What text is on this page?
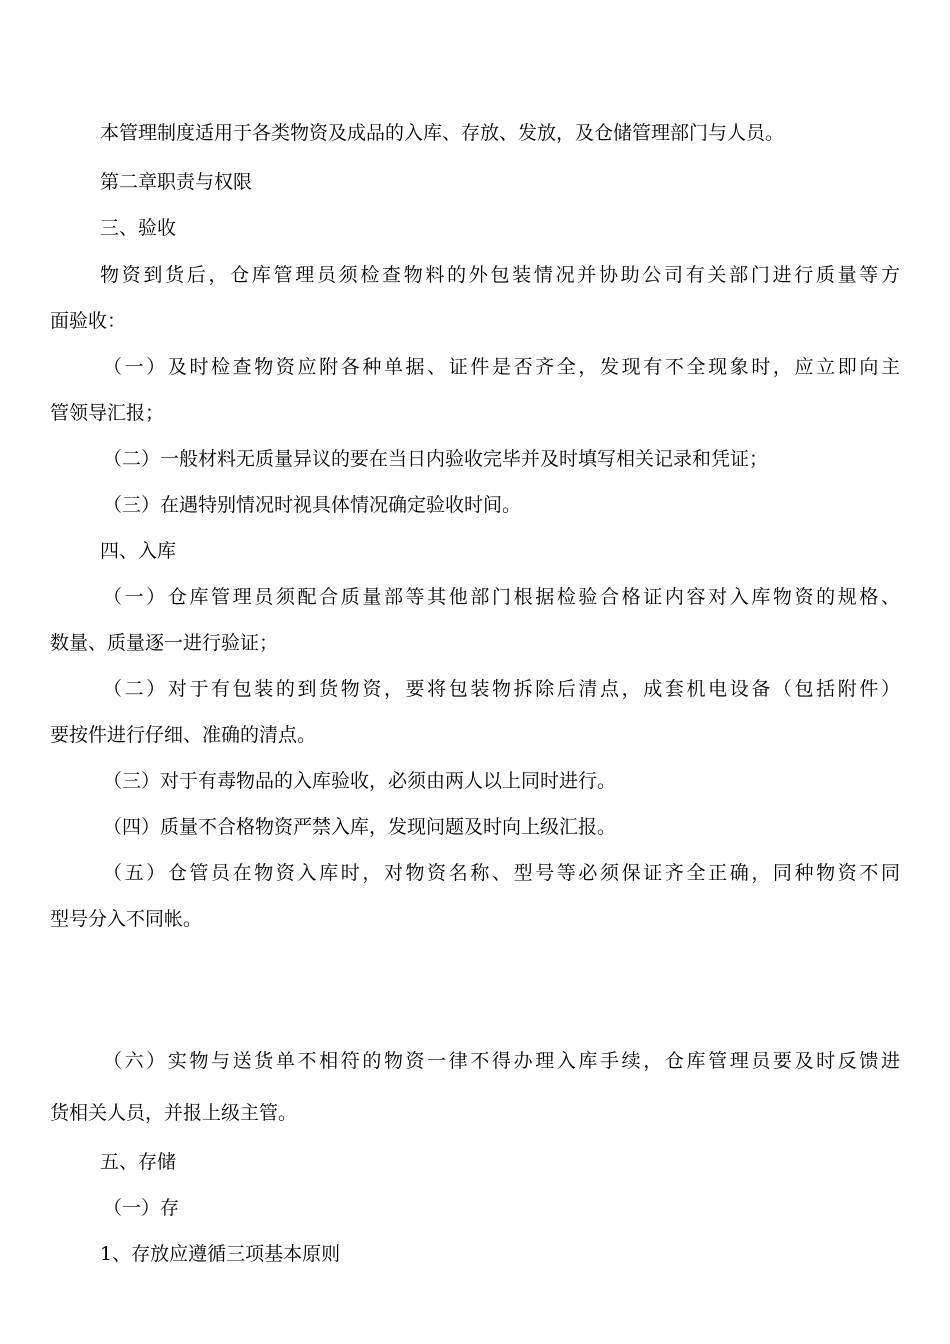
本管理制度适用于各类物资及成品的入库、存放、发放，及仓储管理部门与人员。
第二章职责与权限
三、验收
物资到货后，仓库管理员须检查物料的外包装情况并协助公司有关部门进行质量等方
面验收：
（一）及时检查物资应附各种单据、证件是否齐全，发现有不全现象时，应立即向主
管领导汇报；
（二）一般材料无质量异议的要在当日内验收完毕并及时填写相关记录和凭证；
（三）在遇特别情况时视具体情况确定验收时间。
四、入库
（一）仓库管理员须配合质量部等其他部门根据检验合格证内容对入库物资的规格、
数量、质量逐一进行验证；
（二）对于有包装的到货物资，要将包装物拆除后清点，成套机电设备（包括附件）
要按件进行仔细、准确的清点。
（三）对于有毒物品的入库验收，必须由两人以上同时进行。
（四）质量不合格物资严禁入库，发现问题及时向上级汇报。
（五）仓管员在物资入库时，对物资名称、型号等必须保证齐全正确，同种物资不同
型号分入不同帐。
（六）实物与送货单不相符的物资一律不得办理入库手续，仓库管理员要及时反馈进
货相关人员，并报上级主管。
五、存储
（一）存
1、存放应遵循三项基本原则
